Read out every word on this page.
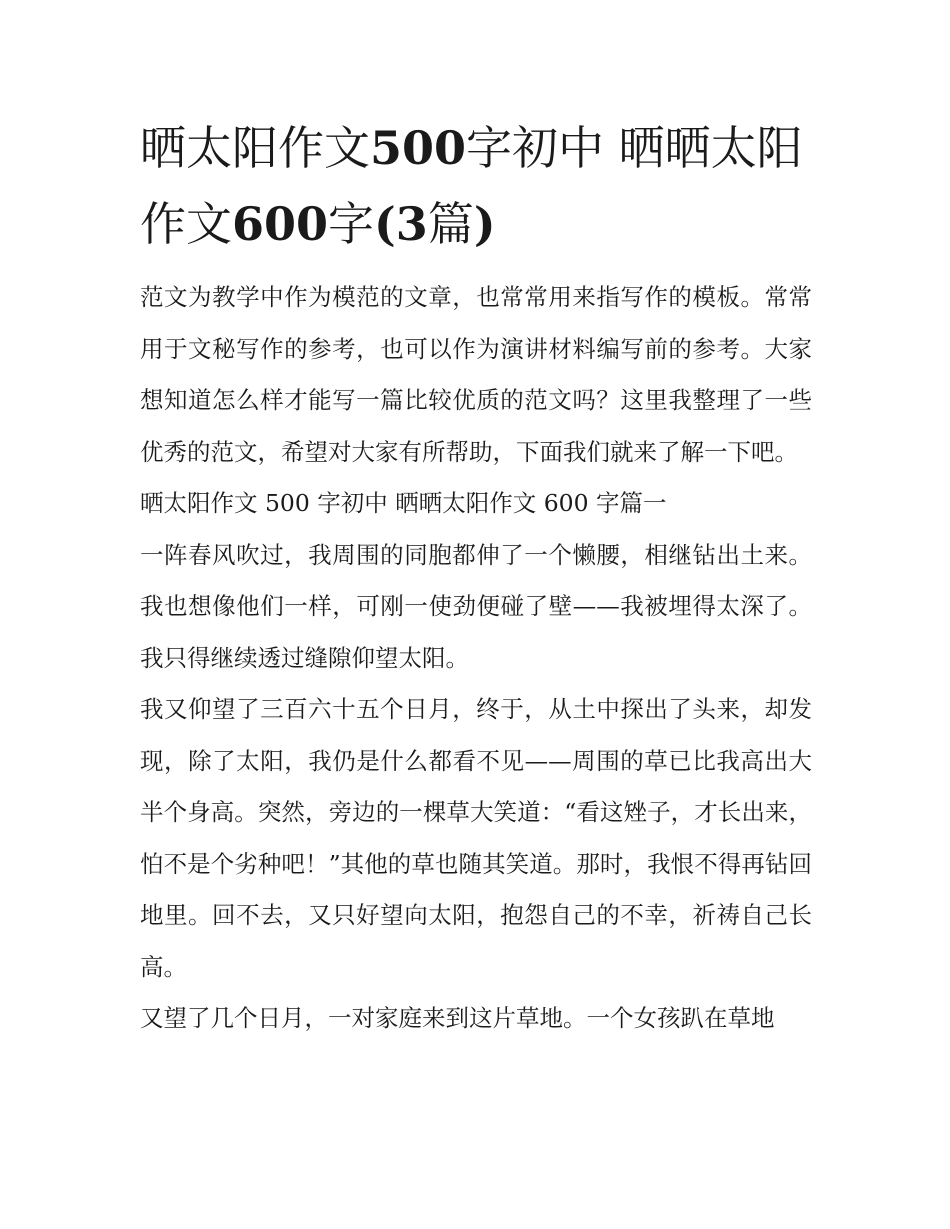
晒太阳作文500字初中 晒晒太阳作文600字(3篇)

范文为教学中作为模范的文章，也常常用来指写作的模板。常常用于文秘写作的参考，也可以作为演讲材料编写前的参考。大家想知道怎么样才能写一篇比较优质的范文吗？这里我整理了一些优秀的范文，希望对大家有所帮助，下面我们就来了解一下吧。

晒太阳作文 500 字初中 晒晒太阳作文 600 字篇一

一阵春风吹过，我周围的同胞都伸了一个懒腰，相继钻出土来。我也想像他们一样，可刚一使劲便碰了壁——我被埋得太深了。我只得继续透过缝隙仰望太阳。

我又仰望了三百六十五个日月，终于，从土中探出了头来，却发现，除了太阳，我仍是什么都看不见——周围的草已比我高出大半个身高。突然，旁边的一棵草大笑道：“看这矬子，才长出来，怕不是个劣种吧！”其他的草也随其笑道。那时，我恨不得再钻回地里。回不去，又只好望向太阳，抱怨自己的不幸，祈祷自己长高。

又望了几个日月，一对家庭来到这片草地。一个女孩趴在草地
